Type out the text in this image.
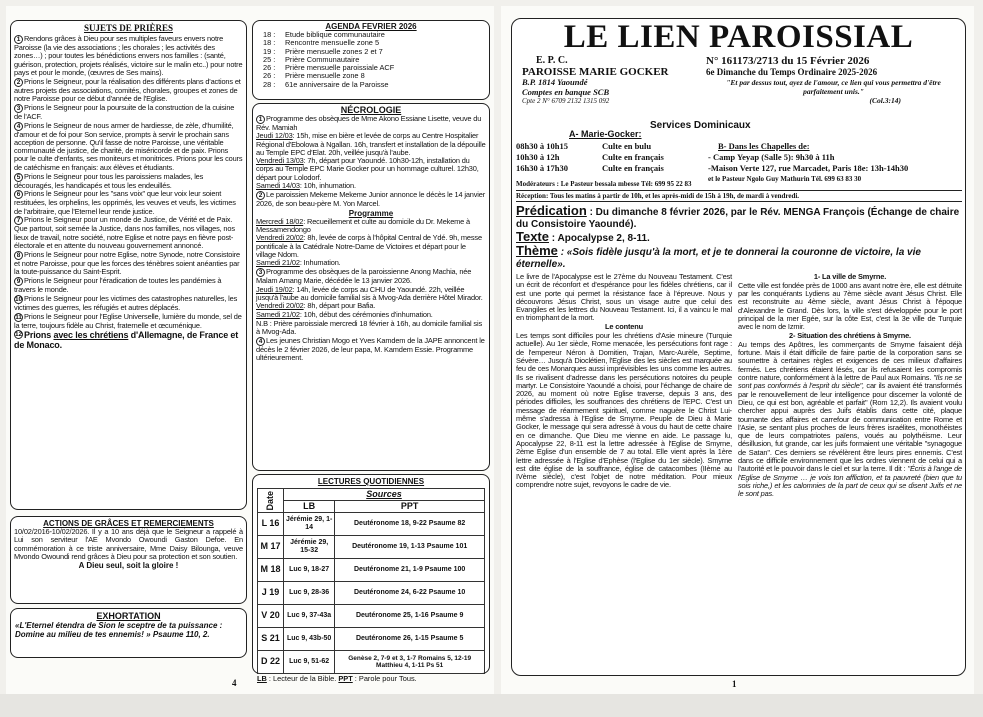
SUJETS DE PRIÈRES
1 Rendons grâces à Dieu pour ses multiples faveurs envers notre Paroisse (la vie des associations ; les chorales ; les activités des zones…) ; pour toutes les bénédictions envers nos familles : (santé, guérison, protection, projets réalisés, victoire sur le malin etc..) pour notre pays et pour le monde, (œuvres de Ses mains).
2 Prions le Seigneur, pour la réalisation des différents plans d'actions et autres projets des associations, comités, chorales, groupes et zones de notre Paroisse pour ce début d'année de l'Eglise.
3 Prions le Seigneur pour la poursuite de la construction de la cuisine de l'ACF.
4 Prions le Seigneur de nous armer de hardiesse, de zèle, d'humilité, d'amour et de foi pour Son service, prompts à servir le prochain sans acception de personne. Qu'il fasse de notre Paroisse, une véritable communauté de justice, de charité, de miséricorde et de paix. Prions pour le culte d'enfants, ses moniteurs et monitrices. Prions pour les cours de catéchisme en français: aux élèves et étudiants.
5 Prions le Seigneur pour tous les paroissiens malades, les découragés, les handicapés et tous les endeuillés.
6 Prions le Seigneur pour les "sans voix" que leur voix leur soient restituées, les orphelins, les opprimés, les veuves et veufs, les victimes de l'arbitraire, que l'Eternel leur rende justice.
7 Prions le Seigneur pour un monde de Justice, de Vérité et de Paix. Que partout, soit semée la Justice, dans nos familles, nos villages, nos lieux de travail, notre société, notre Eglise et notre pays en fièvre post-électorale et en attente du nouveau gouvernement annoncé.
8 Prions le Seigneur pour notre Eglise, notre Synode, notre Consistoire et notre Paroisse, pour que les forces des ténèbres soient anéanties par la toute-puissance du Saint-Esprit.
9 Prions le Seigneur pour l'éradication de toutes les pandémies à travers le monde.
10 Prions le Seigneur pour les victimes des catastrophes naturelles, les victimes des guerres, les réfugiés et autres déplacés.
11 Prions le Seigneur pour l'Eglise Universelle, lumière du monde, sel de la terre, toujours fidèle au Christ, fraternelle et œcuménique.
12 Prions avec les chrétiens d'Allemagne, de France et de Monaco.
ACTIONS DE GRÂCES ET REMERCIEMENTS
10/02/2016-10/02/2026. Il y a 10 ans déjà que le Seigneur a rappelé à Lui son serviteur l'AE Mvondo Owoundi Gaston Defoe. En commémoration à ce triste anniversaire, Mme Daisy Bilounga, veuve Mvondo Owoundi rend grâces à Dieu pour sa protection et son soutien.
A Dieu seul, soit la gloire !
EXHORTATION
«L'Eternel étendra de Sion le sceptre de ta puissance : Domine au milieu de tes ennemis! » Psaume 110, 2.
AGENDA FEVRIER 2026
18 :	Etude biblique communautaire
18 :	Rencontre mensuelle zone 5
19 :	Prière mensuelle zones 2 et 7
25 :	Prière Communautaire
26 :	Prière mensuelle paroissiale ACF
26 :	Prière mensuelle zone 8
28 :	61e anniversaire de la Paroisse
NÉCROLOGIE
1 Programme des obsèques de Mme Akono Essiane Lisette, veuve du Rév. Mamiah
Jeudi 12/03: 15h, mise en bière et levée de corps au Centre Hospitalier Régional d'Ebolowa à Ngallan. 16h, transfert et installation de la dépouille au Temple EPC d'Elat. 20h, veillée jusqu'à l'aube.
Vendredi 13/03: 7h, départ pour Yaoundé. 10h30-12h, installation du corps au Temple EPC Marie Gocker pour un hommage culturel. 12h30, départ pour Lolodorf.
Samedi 14/03: 10h, inhumation.
2 Le paroissien Mekeme Mekeme Junior annonce le décès le 14 janvier 2026, de son beau-père M. Yon Marcel.
Programme
Mercredi 18/02: Recueillement et culte au domicile du Dr. Mekeme à Messamendongo
Vendredi 20/02: 8h, levée de corps à l'hôpital Central de Ydé. 9h, messe pontificale à la Catédrale Notre-Dame de Victoires et départ pour le village Ndom.
Samedi 21/02: Inhumation.
3 Programme des obsèques de la paroissienne Anong Machia, née Malam Amang Marie, décédée le 13 janvier 2026.
Jeudi 19/02: 14h, levée de corps au CHU de Yaoundé. 22h, veillée jusqu'à l'aube au domicile familial sis à Mvog-Ada derrière Hôtel Mirador.
Vendredi 20/02: 8h, départ pour Bafia.
Samedi 21/02: 10h, début des cérémonies d'inhumation.
N.B : Prière paroissiale mercredi 18 février à 16h, au domicile familial sis à Mvog-Ada.
4 Les jeunes Christian Mogo et Yves Kamdem de la JAPE annoncent le décès le 2 février 2026, de leur papa, M. Kamdem Essie. Programme ultérieurement.
LECTURES QUOTIDIENNES
Date	Sources	
	LB	PPT
L 16	Jérémie 29, 1-14	Deutéronome 18, 9-22 Psaume 82
M 17	Jérémie 29, 15-32	Deutéronome 19, 1-13 Psaume 101
M 18	Luc 9, 18-27	Deutéronome 21, 1-9 Psaume 100
J 19	Luc 9, 28-36	Deutéronome 24, 6-22 Psaume 10
V 20	Luc 9, 37-43a	Deutéronome 25, 1-16 Psaume 9
S 21	Luc 9, 43b-50	Deutéronome 26, 1-15 Psaume 5
D 22	Luc 9, 51-62	Genèse 2, 7-9 et 3, 1-7 Romains 5, 12-19 Matthieu 4, 1-11 Ps 51
LB : Lecteur de la Bible. PPT : Parole pour Tous.
4
LE LIEN PAROISSIAL
E. P. C.
PAROISSE MARIE GOCKER
B.P. 1814 Yaoundé
Comptes en banque SCB
Cpte 2 N° 6709 2132 1315 092
N° 161173/2713 du 15 Février 2026
6e Dimanche du Temps Ordinaire 2025-2026
"Et par dessus tout, ayez de l'amour, ce lien qui vous permettra d'être parfaitement unis."
(Col.3:14)
Services Dominicaux
A- Marie-Gocker:
08h30 à 10h15	Culte en bulu
10h30 à 12h	Culte en français
16h30 à 17h30	Culte en français
B- Dans les Chapelles de:
- Camp Yeyap (Salle 5): 9h30 à 11h
-Maison Verte 127, rue Marcadet, Paris 18e: 13h-14h30
et le Pasteur Ngolo Guy Mathurin Tél. 699 63 83 30
Modérateurs : Le Pasteur bessala mbesse Tél: 699 95 22 83
Réception: Tous les matins à partir de 10h, et les après-midi de 15h à 19h, de mardi à vendredi.
Prédication : Du dimanche 8 février 2026, par le Rév. MENGA François (Échange de chaire du Consistoire Yaoundé).
Texte : Apocalypse 2, 8-11.
Thème : «Sois fidèle jusqu'à la mort, et je te donnerai la couronne de victoire, la vie éternelle».

Le livre de l'Apocalypse est le 27ème du Nouveau Testament. C'est un écrit de réconfort et d'espérance pour les fidèles chrétiens, car il est une porte qui permet la résistance face à l'épreuve. Nous y découvrons Jésus Christ, sous un visage autre que celui des Evangiles et les lettres du Nouveau Testament. Ici, il a vaincu le mal en triomphant de la mort.

Le contenu

Les temps sont difficiles pour les chrétiens d'Asie mineure (Turquie actuelle). Au 1er siècle, Rome menacée, les persécutions font rage : de l'empereur Néron à Domitien, Trajan, Marc-Aurèle, Septime, Sévère… Jusqu'à Dioclétien, l'Eglise des les siècles est marquée au feu de ces Monarques aussi imprévisibles les uns comme les autres. Ils se rivalisent d'adresse dans les persécutions notoires du peuple martyr. Le Consistoire Yaoundé a choisi, pour l'échange de chaire de 2026, au moment où notre Eglise traverse, depuis 3 ans, des périodes difficiles, les souffrances des chrétiens de l'EPC. C'est un message de réarmement spirituel, comme naguère le Christ Lui-même s'adressa à l'Eglise de Smyrne. Peuple de Dieu à Marie Gocker, le message qui sera adressé à vous du haut de cette chaire en ce dimanche. Que Dieu me vienne en aide. Le passage lu, Apocalypse 22, 8-11 est la lettre adressée à l'Eglise de Smyrne, 2ème Eglise d'un ensemble de 7 au total. Elle vient après la 1ère lettre adressée à l'Eglise d'Ephèse (l'Eglise du 1er siècle). Smyrne est dite église de la souffrance, église de catacombes (IIème au IVème siècle), c'est l'objet de notre méditation. Pour mieux comprendre notre sujet, revoyons le cadre de vie.

1- La ville de Smyrne.

Cette ville est fondée près de 1000 ans avant notre ère, elle est détruite par les conquérants Lydiens au 7ème siècle avant Jésus Christ. Elle est reconstruite au 4ème siècle, avant Jésus Christ à l'époque d'Alexandre le Grand. Dès lors, la ville s'est développée pour le port principal de la mer Egée, sur la côte Est, c'est la 3e ville de Turquie avec le nom de Izmir.

2- Situation des chrétiens à Smyrne.

Au temps des Apôtres, les commerçants de Smyrne faisaient déjà fortune. Mais il était difficile de faire partie de la corporation sans se soumettre à certaines règles et exigences de ces milieux d'affaires fermés. Les chrétiens étaient lésés, car ils refusaient les compromis contre nature, conformément à la lettre de Paul aux Romains. "Ils ne se sont pas conformés à l'esprit du siècle", car ils avaient été transformés par le renouvellement de leur intelligence pour discerner la volonté de Dieu, ce qui est bon, agréable et parfait" (Rom 12,2). Ils avaient voulu chercher appui auprès des Juifs établis dans cette cité, plaque tournante des affaires et carrefour de communication entre Rome et l'Asie, se sentant plus proches de leurs frères israélites, monothéistes que de leurs compatriotes païens, voués au polythéisme. Leur désillusion, fut grande, car les juifs formaient une véritable "synagogue de Satan". Ces derniers se révélèrent être leurs pires ennemis. C'est dans ce difficile environnement que les ordres viennent de celui qui a l'autorité et le pouvoir dans le ciel et sur la terre. Il dit : "Écris à l'ange de l'Eglise de Smyrne … je vois ton affliction, et ta pauvreté (bien que tu sois riche,) et les calomnies de la part de ceux qui se disent Juifs et ne le sont pas.

1
